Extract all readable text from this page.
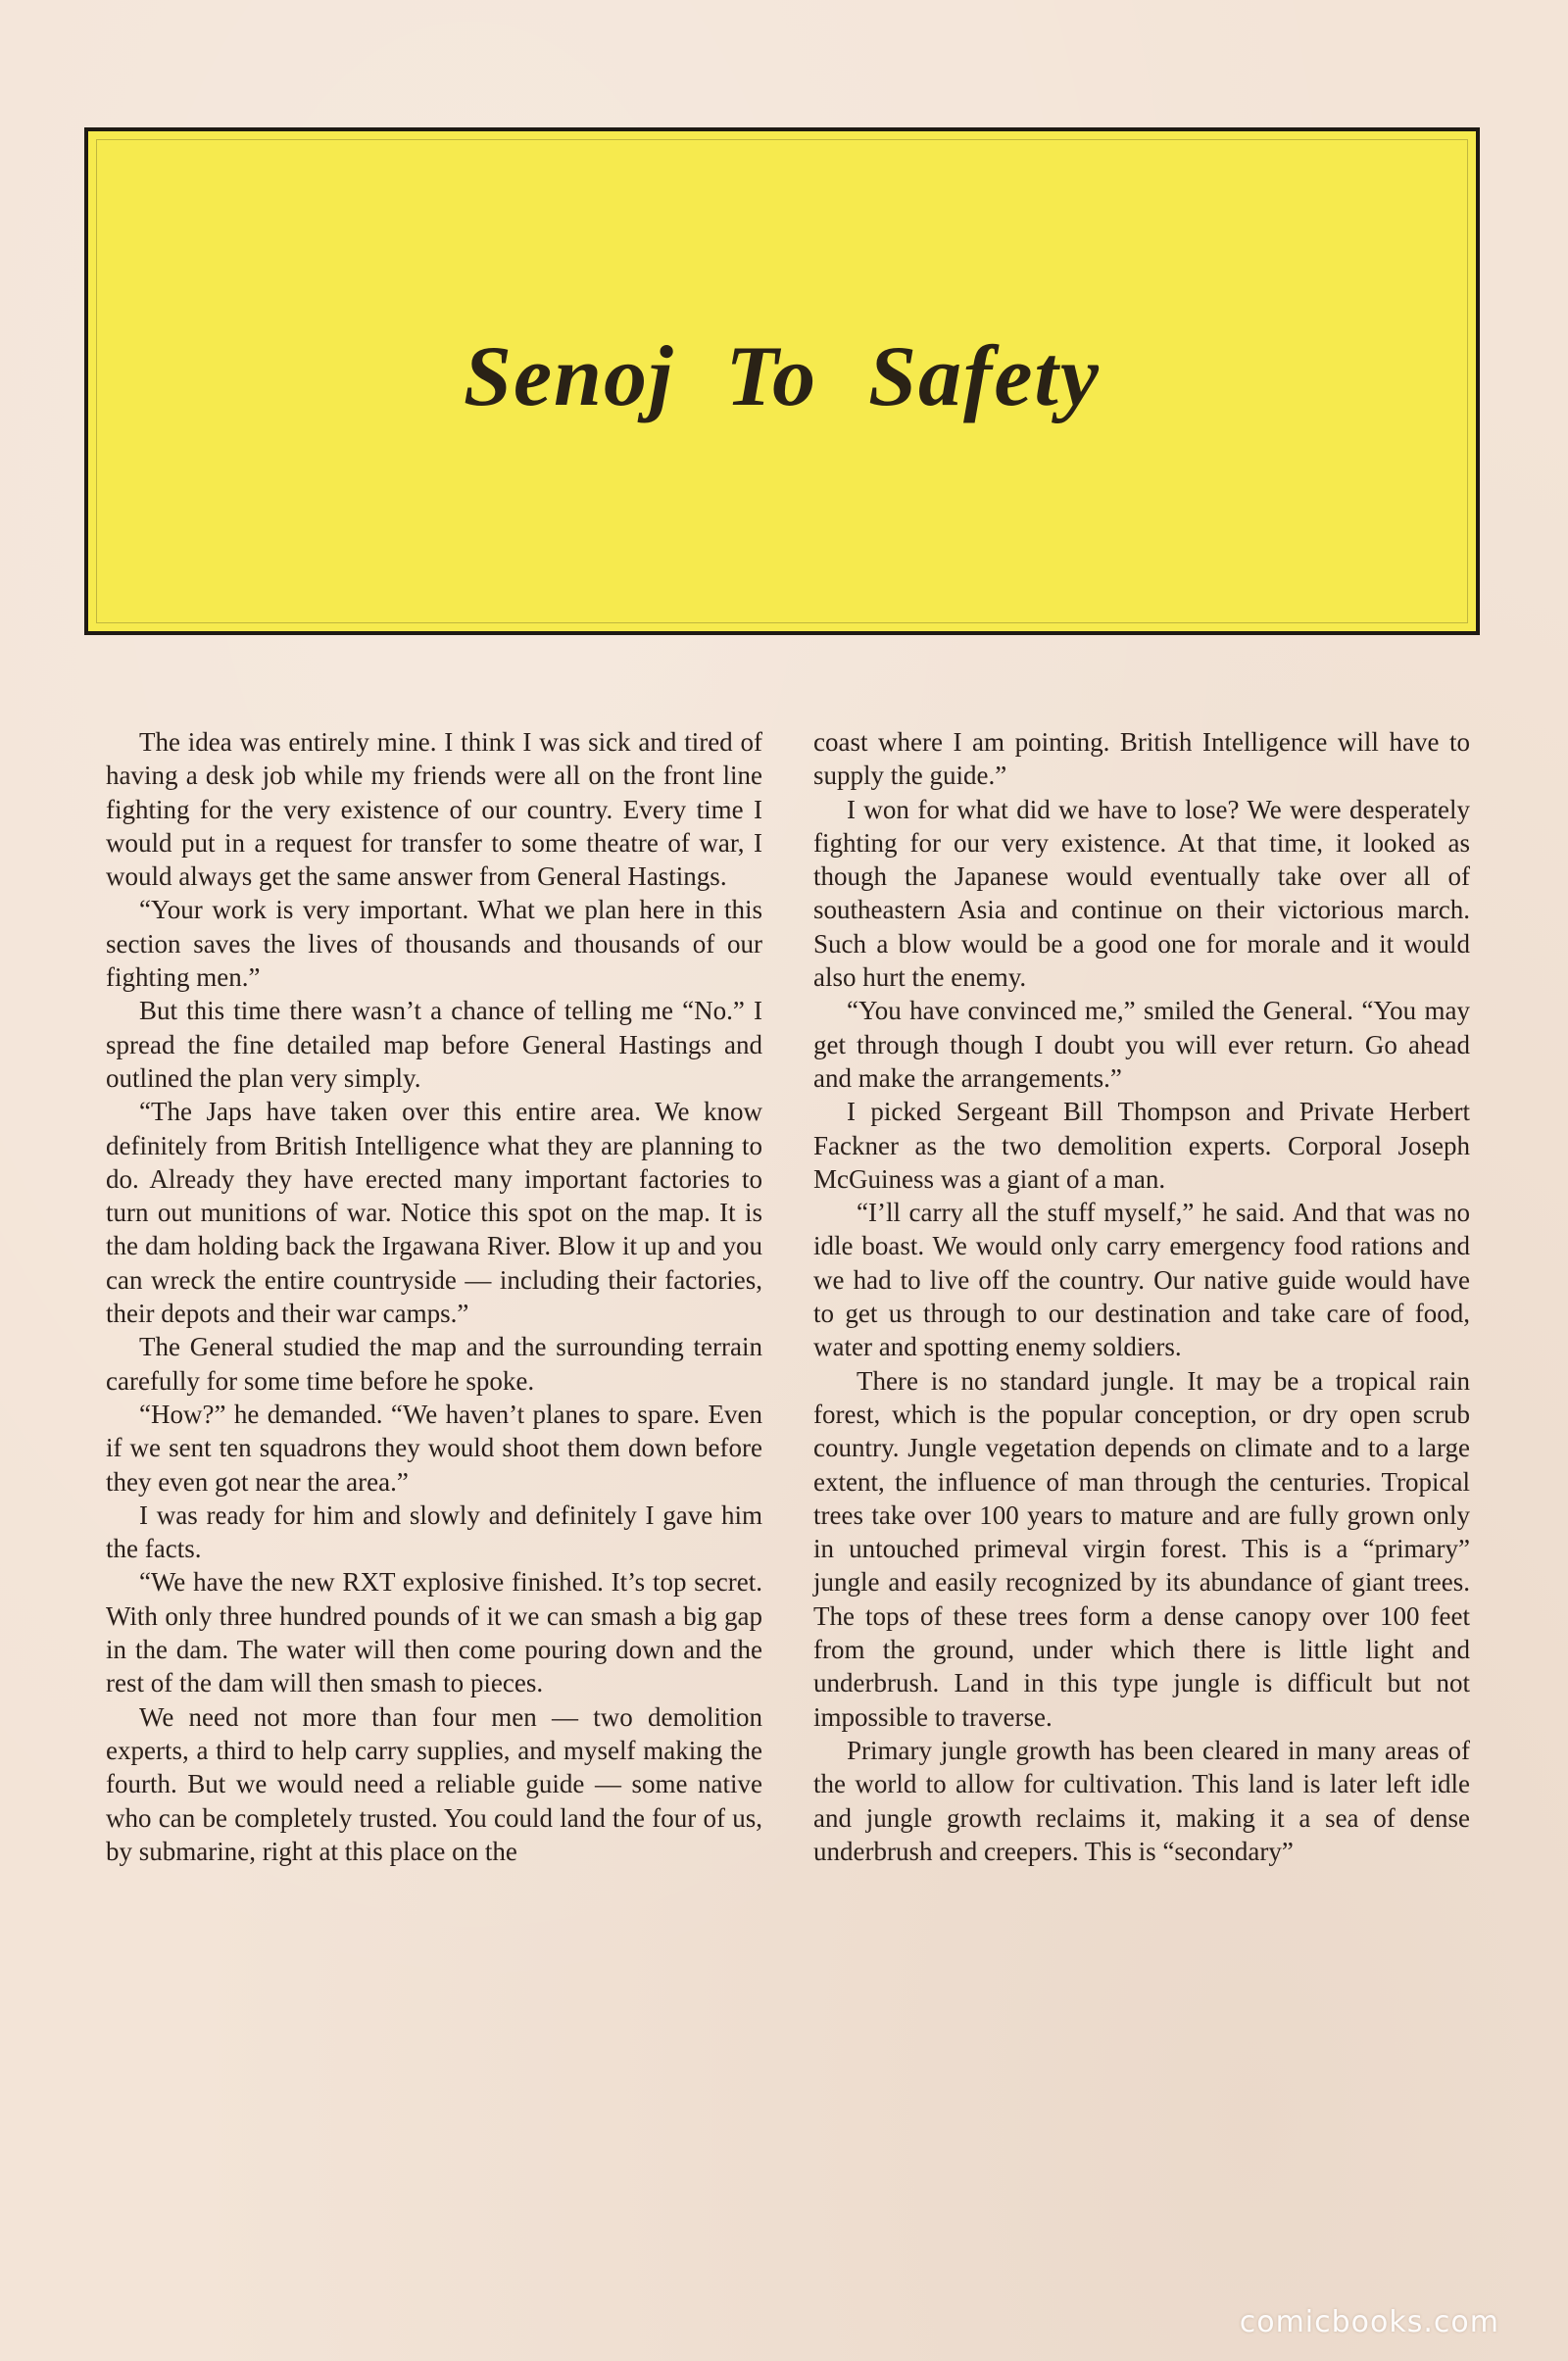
Senoj To Safety

The idea was entirely mine. I think I was sick and tired of having a desk job while my friends were all on the front line fighting for the very existence of our country. Every time I would put in a request for transfer to some theatre of war, I would always get the same answer from General Hastings.

“Your work is very important. What we plan here in this section saves the lives of thousands and thousands of our fighting men.”

But this time there wasn’t a chance of telling me “No.” I spread the fine detailed map before General Hastings and outlined the plan very simply.

“The Japs have taken over this entire area. We know definitely from British Intelligence what they are planning to do. Already they have erected many important factories to turn out munitions of war. Notice this spot on the map. It is the dam holding back the Irgawana River. Blow it up and you can wreck the entire countryside — including their factories, their depots and their war camps.”

The General studied the map and the surrounding terrain carefully for some time before he spoke.

“How?” he demanded. “We haven’t planes to spare. Even if we sent ten squadrons they would shoot them down before they even got near the area.”

I was ready for him and slowly and definitely I gave him the facts.

“We have the new RXT explosive finished. It’s top secret. With only three hundred pounds of it we can smash a big gap in the dam. The water will then come pouring down and the rest of the dam will then smash to pieces.

We need not more than four men — two demolition experts, a third to help carry supplies, and myself making the fourth. But we would need a reliable guide — some native who can be completely trusted. You could land the four of us, by submarine, right at this place on the

coast where I am pointing. British Intelligence will have to supply the guide.”

I won for what did we have to lose? We were desperately fighting for our very existence. At that time, it looked as though the Japanese would eventually take over all of southeastern Asia and continue on their victorious march. Such a blow would be a good one for morale and it would also hurt the enemy.

“You have convinced me,” smiled the General. “You may get through though I doubt you will ever return. Go ahead and make the arrangements.”

I picked Sergeant Bill Thompson and Private Herbert Fackner as the two demolition experts. Corporal Joseph McGuiness was a giant of a man.

“I’ll carry all the stuff myself,” he said. And that was no idle boast. We would only carry emergency food rations and we had to live off the country. Our native guide would have to get us through to our destination and take care of food, water and spotting enemy soldiers.

There is no standard jungle. It may be a tropical rain forest, which is the popular conception, or dry open scrub country. Jungle vegetation depends on climate and to a large extent, the influence of man through the centuries. Tropical trees take over 100 years to mature and are fully grown only in untouched primeval virgin forest. This is a “primary” jungle and easily recognized by its abundance of giant trees. The tops of these trees form a dense canopy over 100 feet from the ground, under which there is little light and underbrush. Land in this type jungle is difficult but not impossible to traverse.

Primary jungle growth has been cleared in many areas of the world to allow for cultivation. This land is later left idle and jungle growth reclaims it, making it a sea of dense underbrush and creepers. This is “secondary”

comicbooks.com
